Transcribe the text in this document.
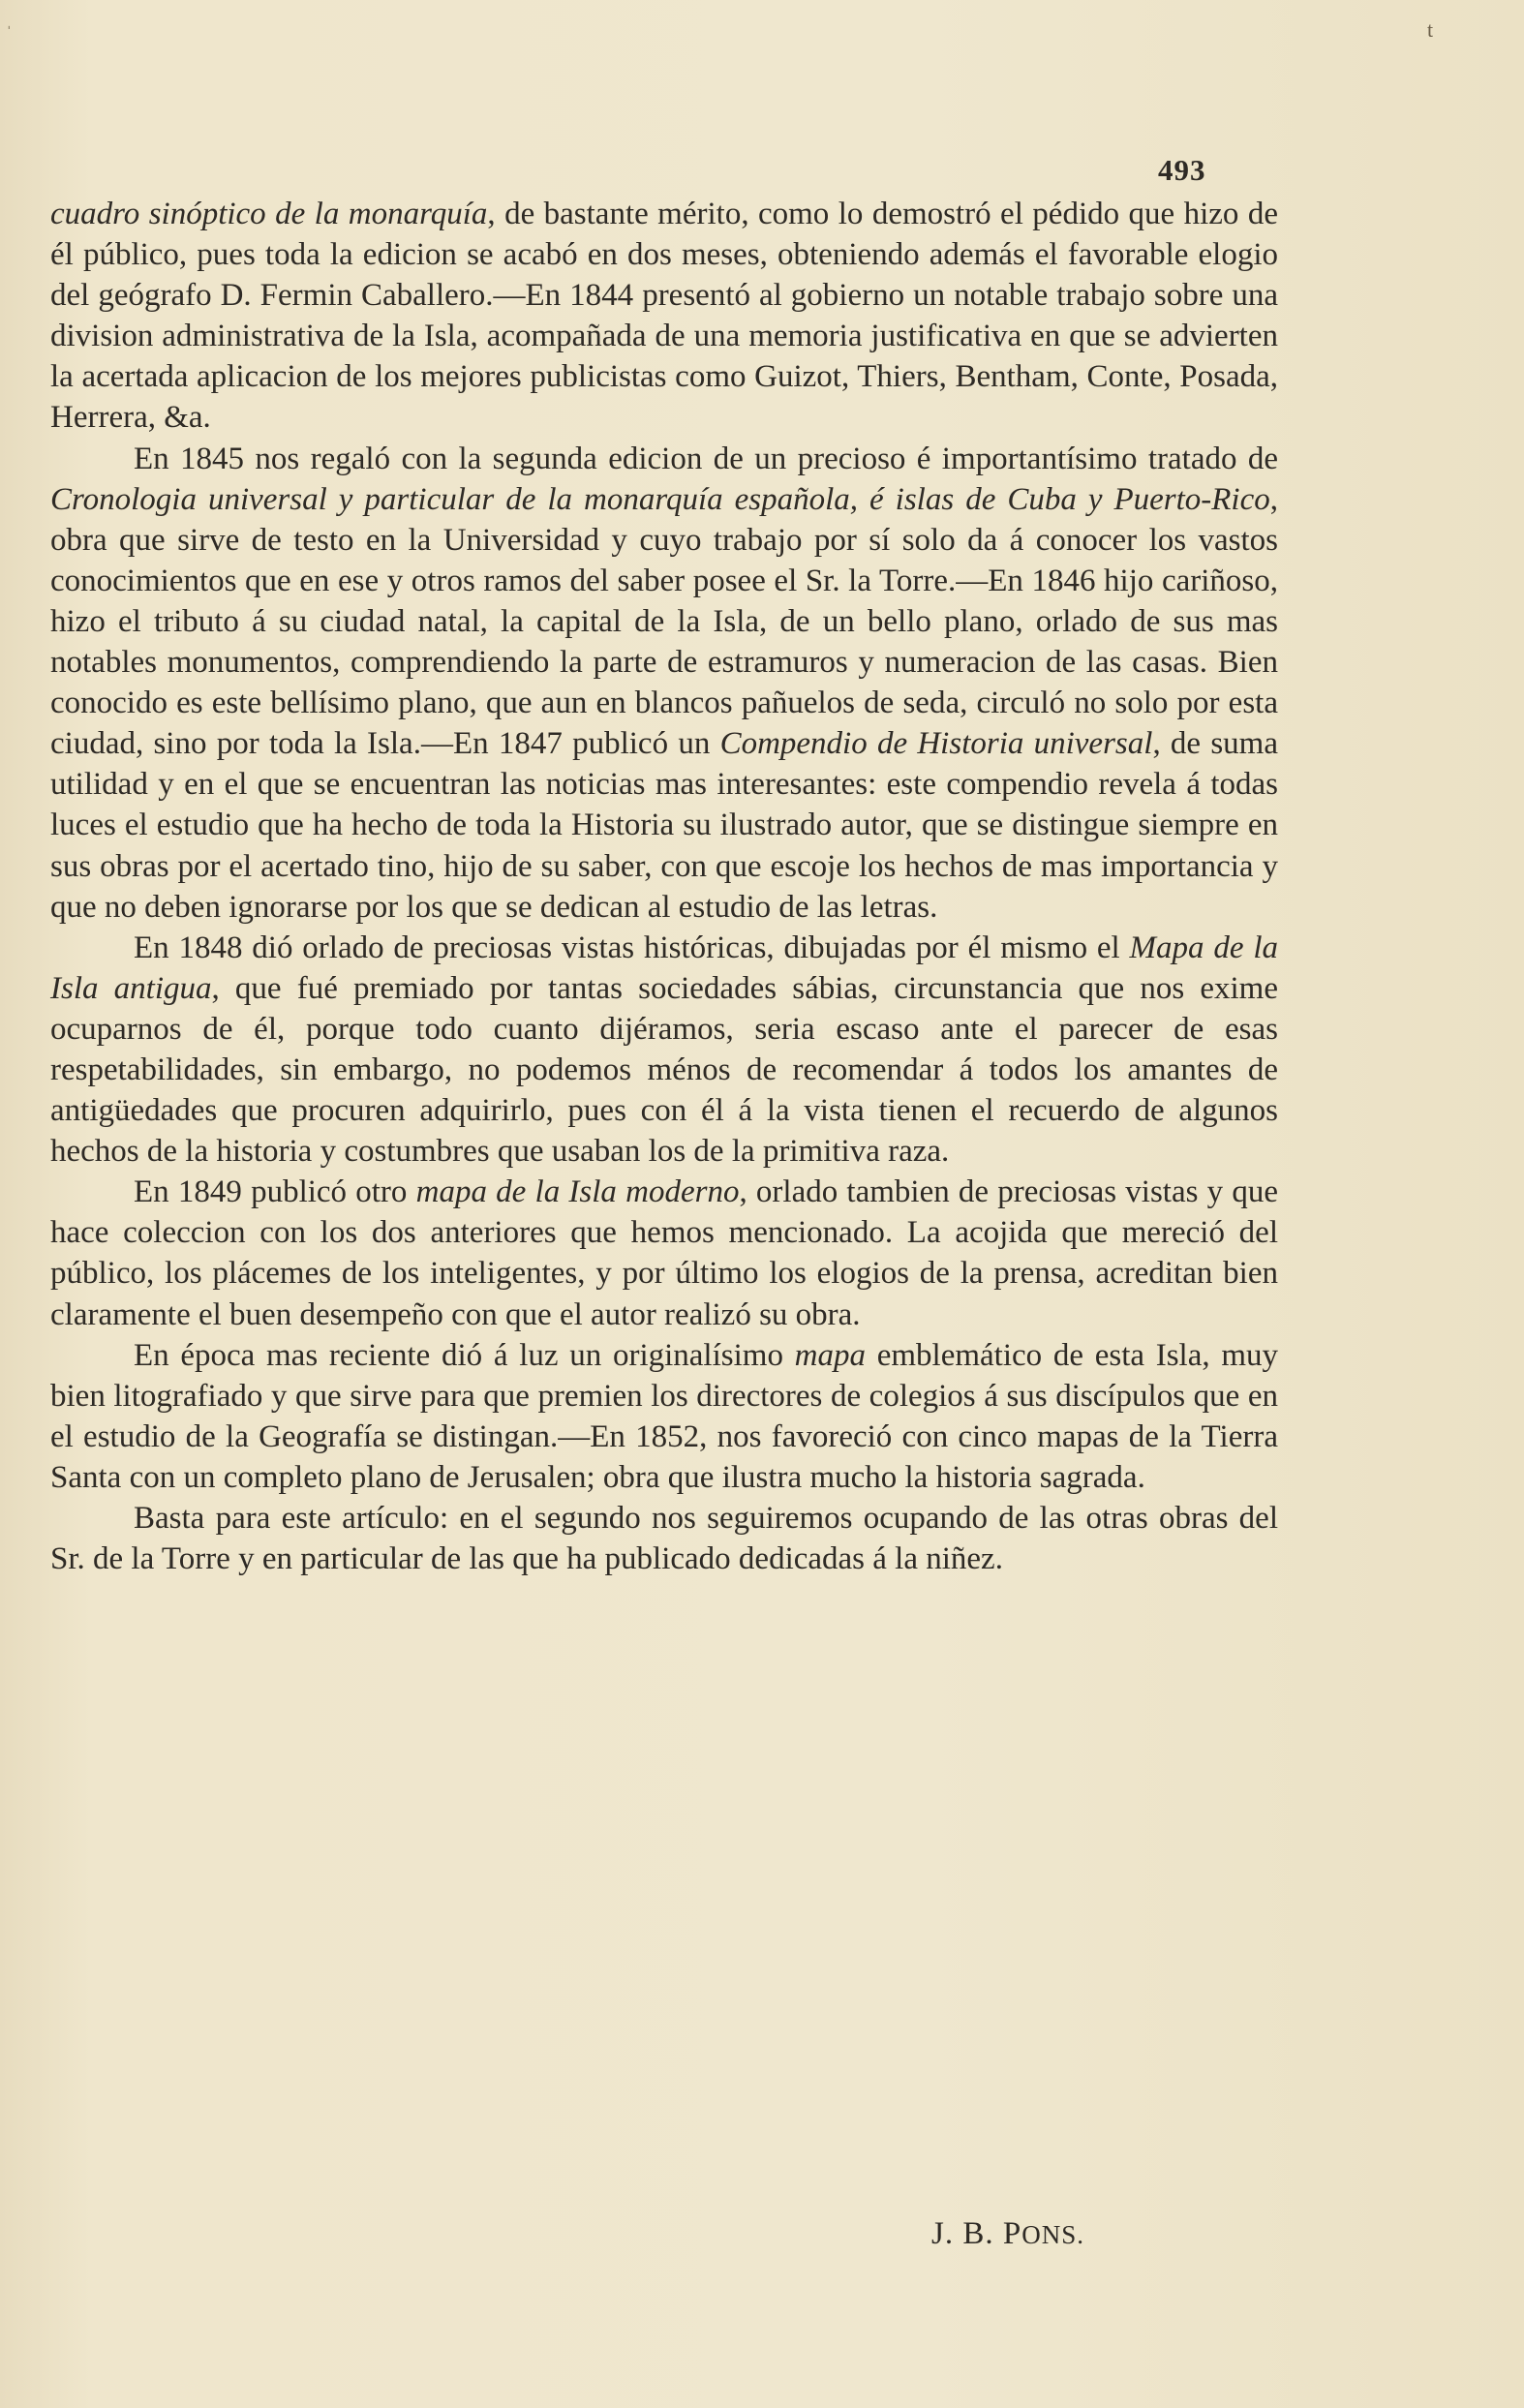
ˈ	t
493

cuadro sinóptico de la monarquía, de bastante mérito, como lo demostró el pédido que hizo de él público, pues toda la edicion se acabó en dos meses, obteniendo además el favorable elogio del geógrafo D. Fermin Caballero.—En 1844 presentó al gobierno un notable trabajo sobre una division administrativa de la Isla, acompañada de una memoria justificativa en que se advierten la acertada aplicacion de los mejores publicistas como Guizot, Thiers, Bentham, Conte, Posada, Herrera, &a.

En 1845 nos regaló con la segunda edicion de un precioso é importantísimo tratado de Cronologia universal y particular de la monarquía española, é islas de Cuba y Puerto-Rico, obra que sirve de testo en la Universidad y cuyo trabajo por sí solo da á conocer los vastos conocimientos que en ese y otros ramos del saber posee el Sr. la Torre.—En 1846 hijo cariñoso, hizo el tributo á su ciudad natal, la capital de la Isla, de un bello plano, orlado de sus mas notables monumentos, comprendiendo la parte de estramuros y numeracion de las casas. Bien conocido es este bellísimo plano, que aun en blancos pañuelos de seda, circuló no solo por esta ciudad, sino por toda la Isla.—En 1847 publicó un Compendio de Historia universal, de suma utilidad y en el que se encuentran las noticias mas interesantes: este compendio revela á todas luces el estudio que ha hecho de toda la Historia su ilustrado autor, que se distingue siempre en sus obras por el acertado tino, hijo de su saber, con que escoje los hechos de mas importancia y que no deben ignorarse por los que se dedican al estudio de las letras.

En 1848 dió orlado de preciosas vistas históricas, dibujadas por él mismo el Mapa de la Isla antigua, que fué premiado por tantas sociedades sábias, circunstancia que nos exime ocuparnos de él, porque todo cuanto dijéramos, seria escaso ante el parecer de esas respetabilidades, sin embargo, no podemos ménos de recomendar á todos los amantes de antigüedades que procuren adquirirlo, pues con él á la vista tienen el recuerdo de algunos hechos de la historia y costumbres que usaban los de la primitiva raza.

En 1849 publicó otro mapa de la Isla moderno, orlado tambien de preciosas vistas y que hace coleccion con los dos anteriores que hemos mencionado. La acojida que mereció del público, los plácemes de los inteligentes, y por último los elogios de la prensa, acreditan bien claramente el buen desempeño con que el autor realizó su obra.

En época mas reciente dió á luz un originalísimo mapa emblemático de esta Isla, muy bien litografiado y que sirve para que premien los directores de colegios á sus discípulos que en el estudio de la Geografía se distingan.—En 1852, nos favoreció con cinco mapas de la Tierra Santa con un completo plano de Jerusalen; obra que ilustra mucho la historia sagrada.

Basta para este artículo: en el segundo nos seguiremos ocupando de las otras obras del Sr. de la Torre y en particular de las que ha publicado dedicadas á la niñez.

J. B. PONS.
